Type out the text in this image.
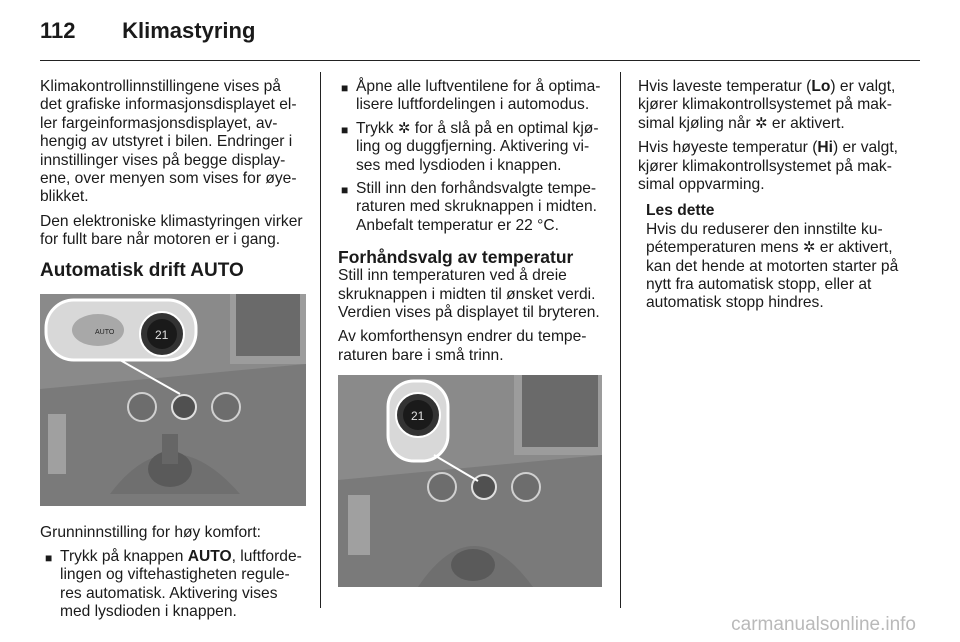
112 Klimastyring

Klimakontrollinnstillingene vises på det grafiske informasjonsdisplayet eller fargeinformasjonsdisplayet, avhengig av utstyret i bilen. Endringer i innstillinger vises på begge displayene, over menyen som vises for øyeblikket.

Den elektroniske klimastyringen virker for fullt bare når motoren er i gang.

Automatisk drift AUTO
AUTO	21

Grunninnstilling for høy komfort:

■ Trykk på knappen AUTO, luftfordelingen og viftehastigheten reguleres automatisk. Aktivering vises med lysdioden i knappen.
■ Åpne alle luftventilene for å optimalisere luftfordelingen i automodus.
■ Trykk ✲ for å slå på en optimal kjøling og duggfjerning. Aktivering vises med lysdioden i knappen.
■ Still inn den forhåndsvalgte temperaturen med skruknappen i midten. Anbefalt temperatur er 22 °C.
Forhåndsvalg av temperatur

Still inn temperaturen ved å dreie skruknappen i midten til ønsket verdi. Verdien vises på displayet til bryteren.

Av komforthensyn endrer du temperaturen bare i små trinn.

21

Hvis laveste temperatur (Lo) er valgt, kjører klimakontrollsystemet på maksimal kjøling når ✲ er aktivert.

Hvis høyeste temperatur (Hi) er valgt, kjører klimakontrollsystemet på maksimal oppvarming.

Les dette
Hvis du reduserer den innstilte kupétemperaturen mens ✲ er aktivert, kan det hende at motorten starter på nytt fra automatisk stopp, eller at automatisk stopp hindres.
carmanualsonline.info
